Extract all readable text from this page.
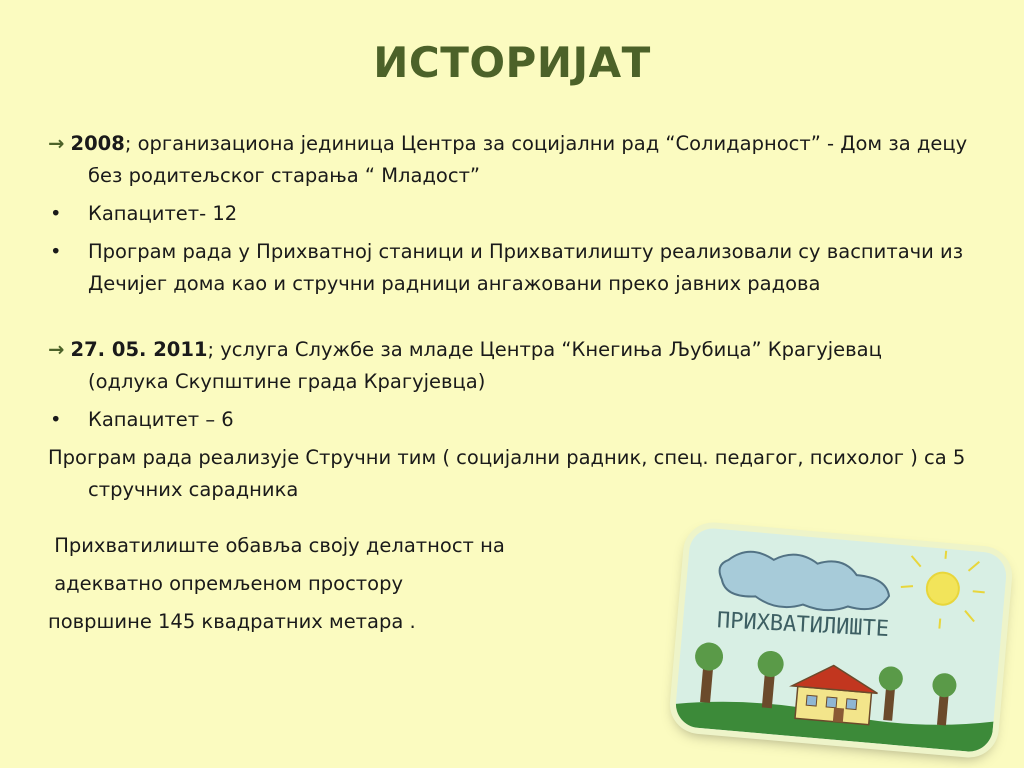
ИСТОРИЈАТ
→ 2008; организациона јединица Центра за социјални рад “Солидарност” - Дом за децу без родитељског старања “ Младост”
• Капацитет- 12
• Програм рада у Прихватној станици и Прихватилишту реализовали су васпитачи из Дечијег дома као и стручни радници ангажовани преко јавних радова
→ 27. 05. 2011; услуга Службе за младе Центра “Кнегиња Љубица” Крагујевац (одлука Скупштине града Крагујевца)
• Капацитет – 6
Програм рада реализује Стручни тим ( социјални радник, спец. педагог, психолог ) са 5 стручних сарадника
Прихватилиште обавља своју делатност на
адекватно опремљеном простору
површине 145 квадратних метара .	ПРИХВАТИЛИШТЕ
